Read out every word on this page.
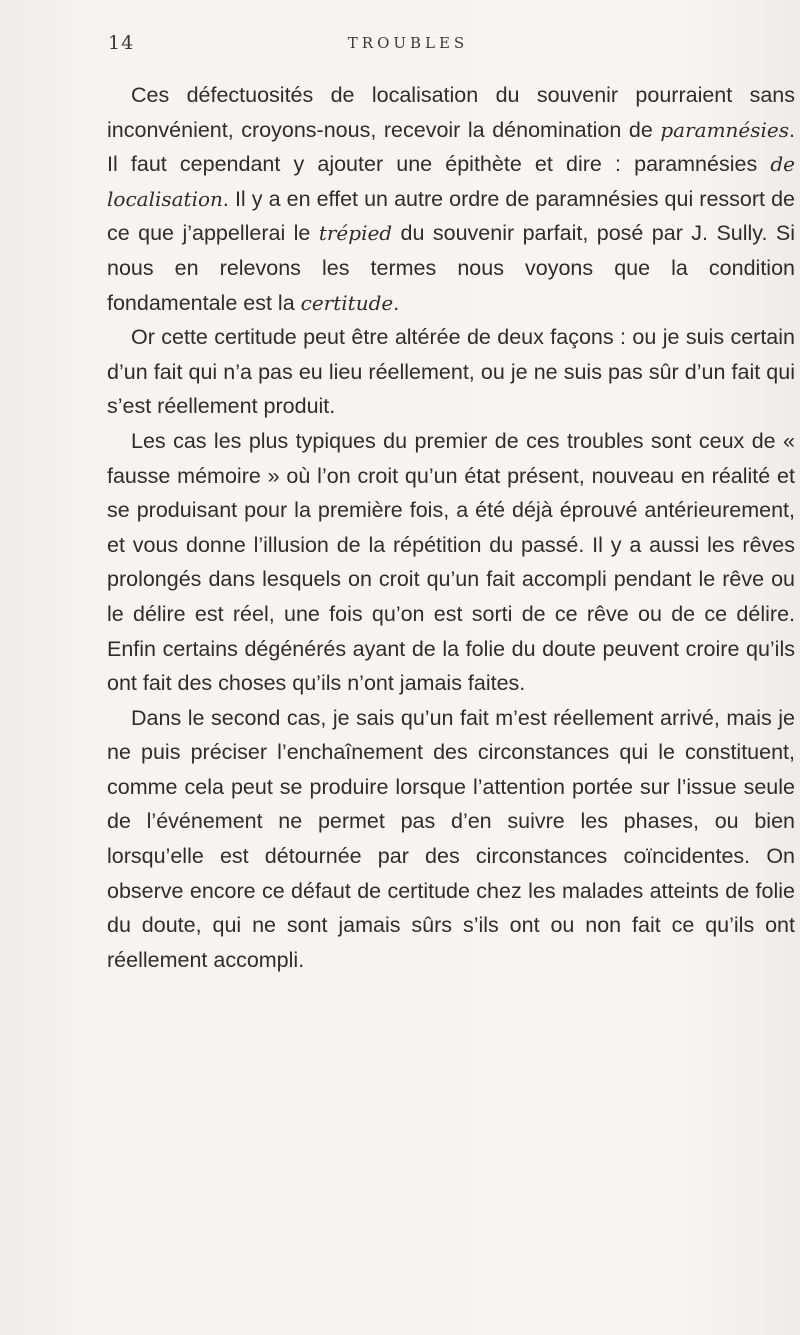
14	TROUBLES

Ces défectuosités de localisation du souvenir pourraient sans inconvénient, croyons-nous, recevoir la dénomination de paramnésies. Il faut cependant y ajouter une épithète et dire : paramnésies de localisation. Il y a en effet un autre ordre de paramnésies qui ressort de ce que j’appellerai le trépied du souvenir parfait, posé par J. Sully. Si nous en relevons les termes nous voyons que la condition fondamentale est la certitude.

Or cette certitude peut être altérée de deux façons : ou je suis certain d’un fait qui n’a pas eu lieu réellement, ou je ne suis pas sûr d’un fait qui s’est réellement produit.

Les cas les plus typiques du premier de ces troubles sont ceux de « fausse mémoire » où l’on croit qu’un état présent, nouveau en réalité et se produisant pour la première fois, a été déjà éprouvé antérieurement, et vous donne l’illusion de la répétition du passé. Il y a aussi les rêves prolongés dans lesquels on croit qu’un fait accompli pendant le rêve ou le délire est réel, une fois qu’on est sorti de ce rêve ou de ce délire. Enfin certains dégénérés ayant de la folie du doute peuvent croire qu’ils ont fait des choses qu’ils n’ont jamais faites.

Dans le second cas, je sais qu’un fait m’est réellement arrivé, mais je ne puis préciser l’enchaînement des circonstances qui le constituent, comme cela peut se produire lorsque l’attention portée sur l’issue seule de l’événement ne permet pas d’en suivre les phases, ou bien lorsqu’elle est détournée par des circonstances coïncidentes. On observe encore ce défaut de certitude chez les malades atteints de folie du doute, qui ne sont jamais sûrs s’ils ont ou non fait ce qu’ils ont réellement accompli.
